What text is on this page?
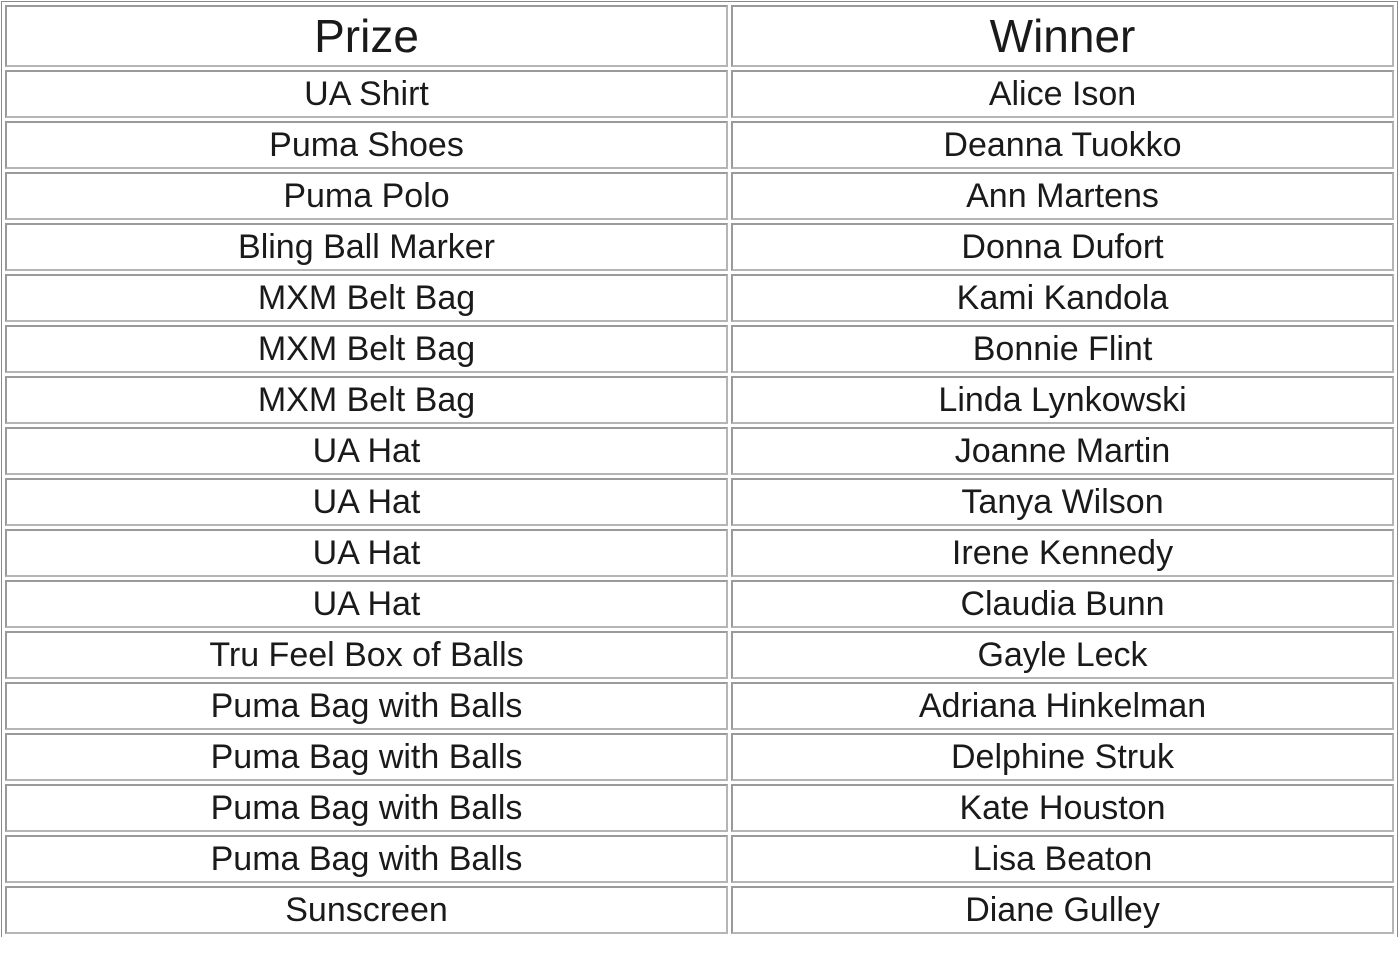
Prize	Winner
UA Shirt	Alice Ison
Puma Shoes	Deanna Tuokko
Puma Polo	Ann Martens
Bling Ball Marker	Donna Dufort
MXM Belt Bag	Kami Kandola
MXM Belt Bag	Bonnie Flint
MXM Belt Bag	Linda Lynkowski
UA Hat	Joanne Martin
UA Hat	Tanya Wilson
UA Hat	Irene Kennedy
UA Hat	Claudia Bunn
Tru Feel Box of Balls	Gayle Leck
Puma Bag with Balls	Adriana Hinkelman
Puma Bag with Balls	Delphine Struk
Puma Bag with Balls	Kate Houston
Puma Bag with Balls	Lisa Beaton
Sunscreen	Diane Gulley
